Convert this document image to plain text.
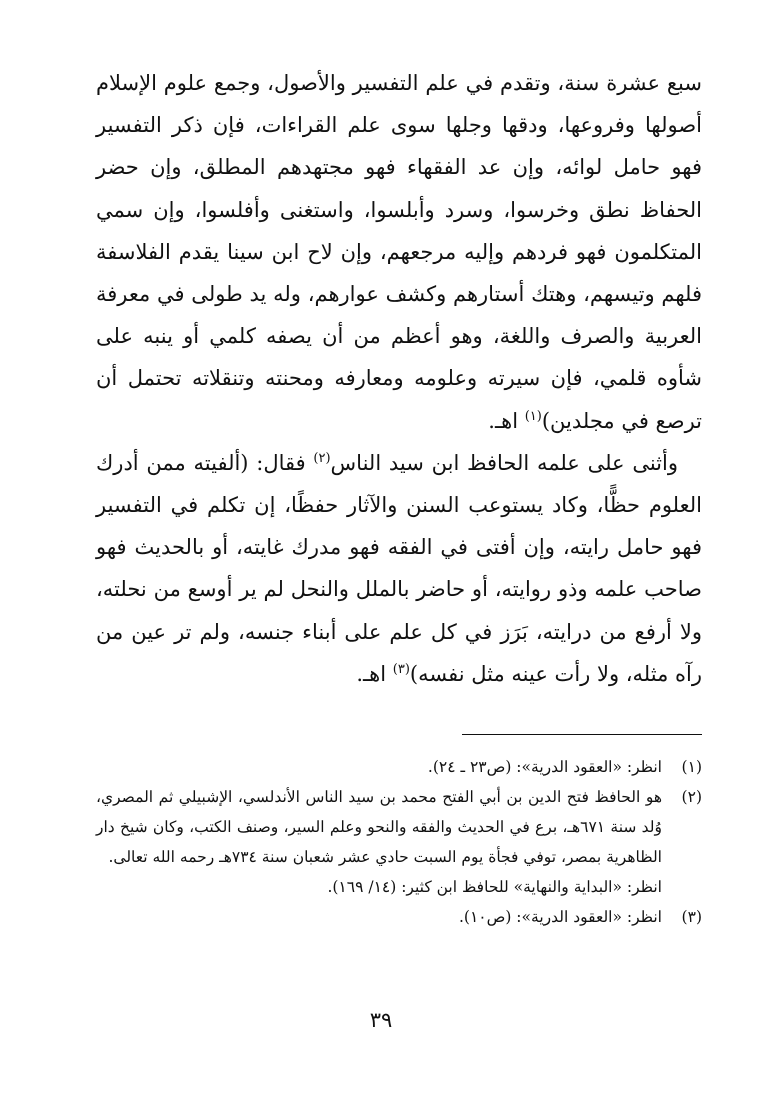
سبع عشرة سنة، وتقدم في علم التفسير والأصول، وجمع علوم الإسلام أصولها وفروعها، ودقها وجلها سوى علم القراءات، فإن ذكر التفسير فهو حامل لوائه، وإن عد الفقهاء فهو مجتهدهم المطلق، وإن حضر الحفاظ نطق وخرسوا، وسرد وأبلسوا، واستغنى وأفلسوا، وإن سمي المتكلمون فهو فردهم وإليه مرجعهم، وإن لاح ابن سينا يقدم الفلاسفة فلهم وتيسهم، وهتك أستارهم وكشف عوارهم، وله يد طولى في معرفة العربية والصرف واللغة، وهو أعظم من أن يصفه كلمي أو ينبه على شأوه قلمي، فإن سيرته وعلومه ومعارفه ومحنته وتنقلاته تحتمل أن ترصع في مجلدين)$^{(١)}$ اهـ.

وأثنى على علمه الحافظ ابن سيد الناس$^{(٢)}$ فقال: (ألفيته ممن أدرك العلوم حظًّا، وكاد يستوعب السنن والآثار حفظًا، إن تكلم في التفسير فهو حامل رايته، وإن أفتى في الفقه فهو مدرك غايته، أو بالحديث فهو صاحب علمه وذو روايته، أو حاضر بالملل والنحل لم ير أوسع من نحلته، ولا أرفع من درايته، بَرَز في كل علم على أبناء جنسه، ولم تر عين من رآه مثله، ولا رأت عينه مثل نفسه)$^{(٣)}$ اهـ.

(١)
انظر: «العقود الدرية»: (ص٢٣ ـ ٢٤).
(٢)
هو الحافظ فتح الدين بن أبي الفتح محمد بن سيد الناس الأندلسي، الإشبيلي ثم المصري، وُلد سنة ٦٧١هـ، برع في الحديث والفقه والنحو وعلم السير، وصنف الكتب، وكان شيخ دار الظاهرية بمصر، توفي فجأة يوم السبت حادي عشر شعبان سنة ٧٣٤هـ رحمه الله تعالى.
انظر: «البداية والنهاية» للحافظ ابن كثير: (١٤/ ١٦٩).
(٣)
انظر: «العقود الدرية»: (ص١٠).
٣٩
